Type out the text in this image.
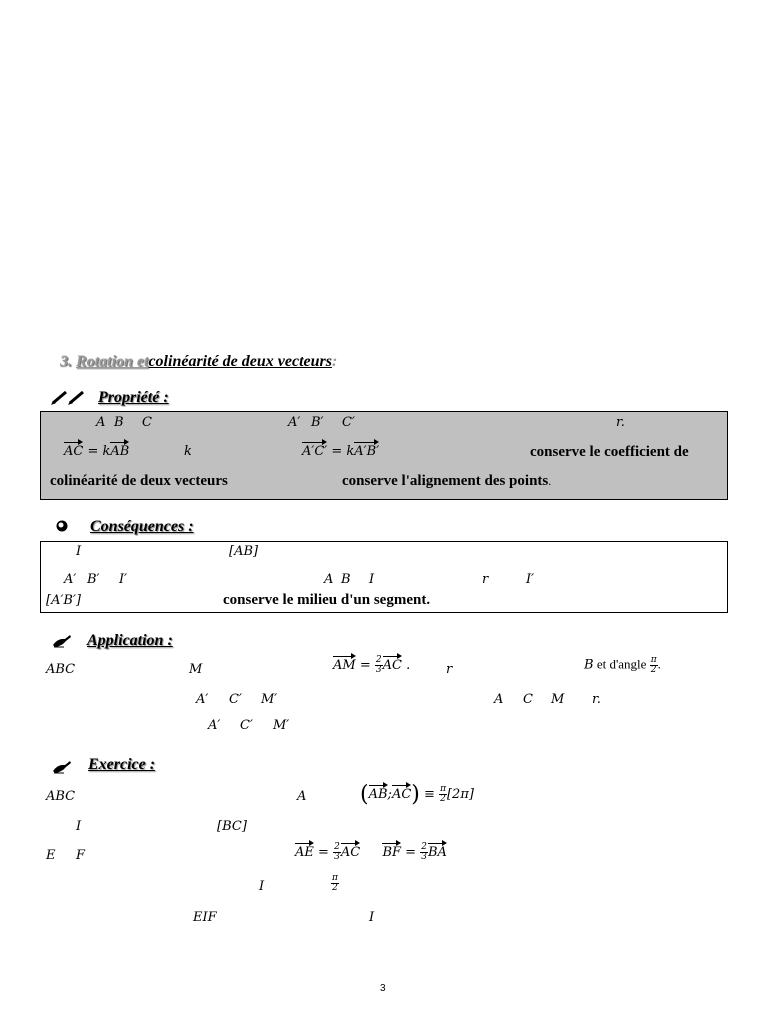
3. Rotation etcolinéarité de deux vecteurs:
Propriété :
A B C	A′ B′ C′	r.
AC = kAB	k	A′C′ = kA′B′	conserve le coefficient de
colinéarité de deux vecteurs	conserve l'alignement des points.
Conséquences :
I	[AB]
A′ B′ I′	A B I	r	I′
[A′B′]	conserve le milieu d'un segment.
Application :
ABC	M	AM = $\frac{2}{3}$ AC .	r	B et d'angle $\frac{\pi}{2}$ .
A′ C′ M′	A C M r.
A′ C′ M′
Exercice :
ABC	A (AB;AC) ≡ $\frac{\pi}{2} [2\pi]$
I	[BC]
E F	AE = $\frac{2}{3}$ AC BF = $\frac{2}{3}$ BA
I	$\frac{\pi}{2}$
EIF	I
3
